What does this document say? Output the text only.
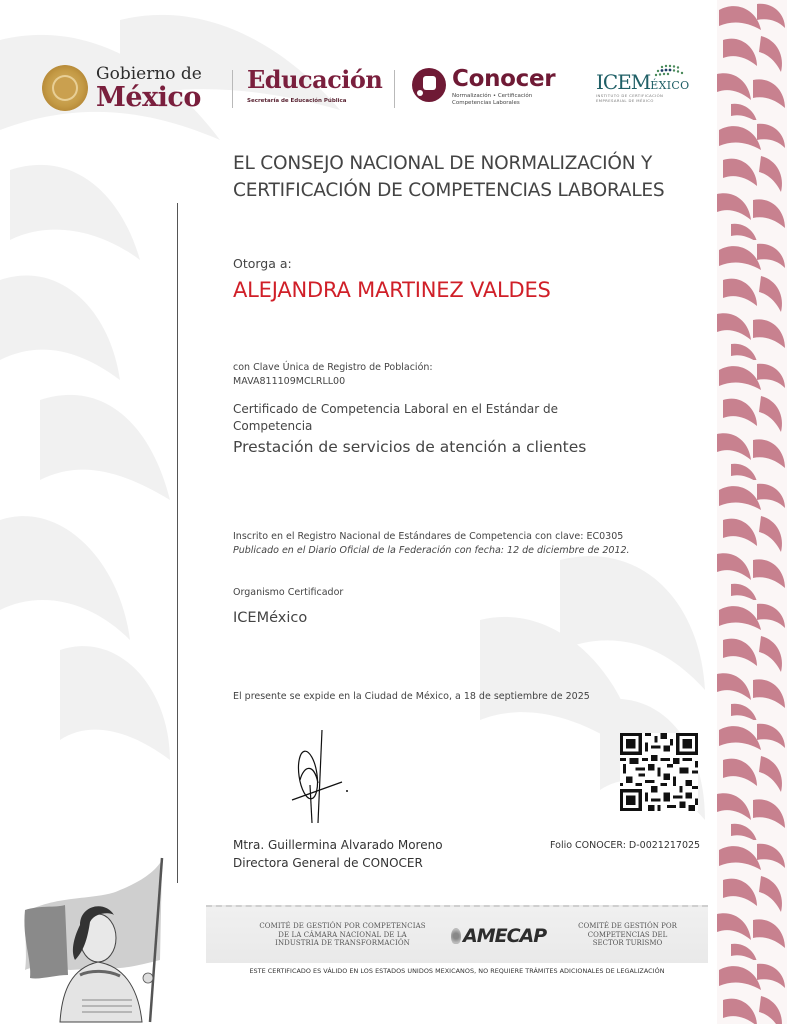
Gobierno de
México
Educación
Secretaría de Educación Pública
Conocer
Normalización • Certificación
Competencias Laborales
ICEMÉXICO
INSTITUTO DE CERTIFICACIÓN
EMPRESARIAL DE MÉXICO
EL CONSEJO NACIONAL DE NORMALIZACIÓN Y CERTIFICACIÓN DE COMPETENCIAS LABORALES
Otorga a:
ALEJANDRA MARTINEZ VALDES
con Clave Única de Registro de Población:
MAVA811109MCLRLL00
Certificado de Competencia Laboral en el Estándar de Competencia
Prestación de servicios de atención a clientes
Inscrito en el Registro Nacional de Estándares de Competencia con clave: EC0305
Publicado en el Diario Oficial de la Federación con fecha: 12 de diciembre de 2012.
Organismo Certificador
ICEMéxico
El presente se expide en la Ciudad de México, a 18 de septiembre de 2025
Mtra. Guillermina Alvarado Moreno
Directora General de CONOCER
Folio CONOCER: D-0021217025
COMITÉ DE GESTIÓN POR COMPETENCIAS
DE LA CÁMARA NACIONAL DE LA
INDUSTRIA DE TRANSFORMACIÓN	AMECAP	COMITÉ DE GESTIÓN POR
COMPETENCIAS DEL
SECTOR TURISMO
ESTE CERTIFICADO ES VÁLIDO EN LOS ESTADOS UNIDOS MEXICANOS, NO REQUIERE TRÁMITES ADICIONALES DE LEGALIZACIÓN
